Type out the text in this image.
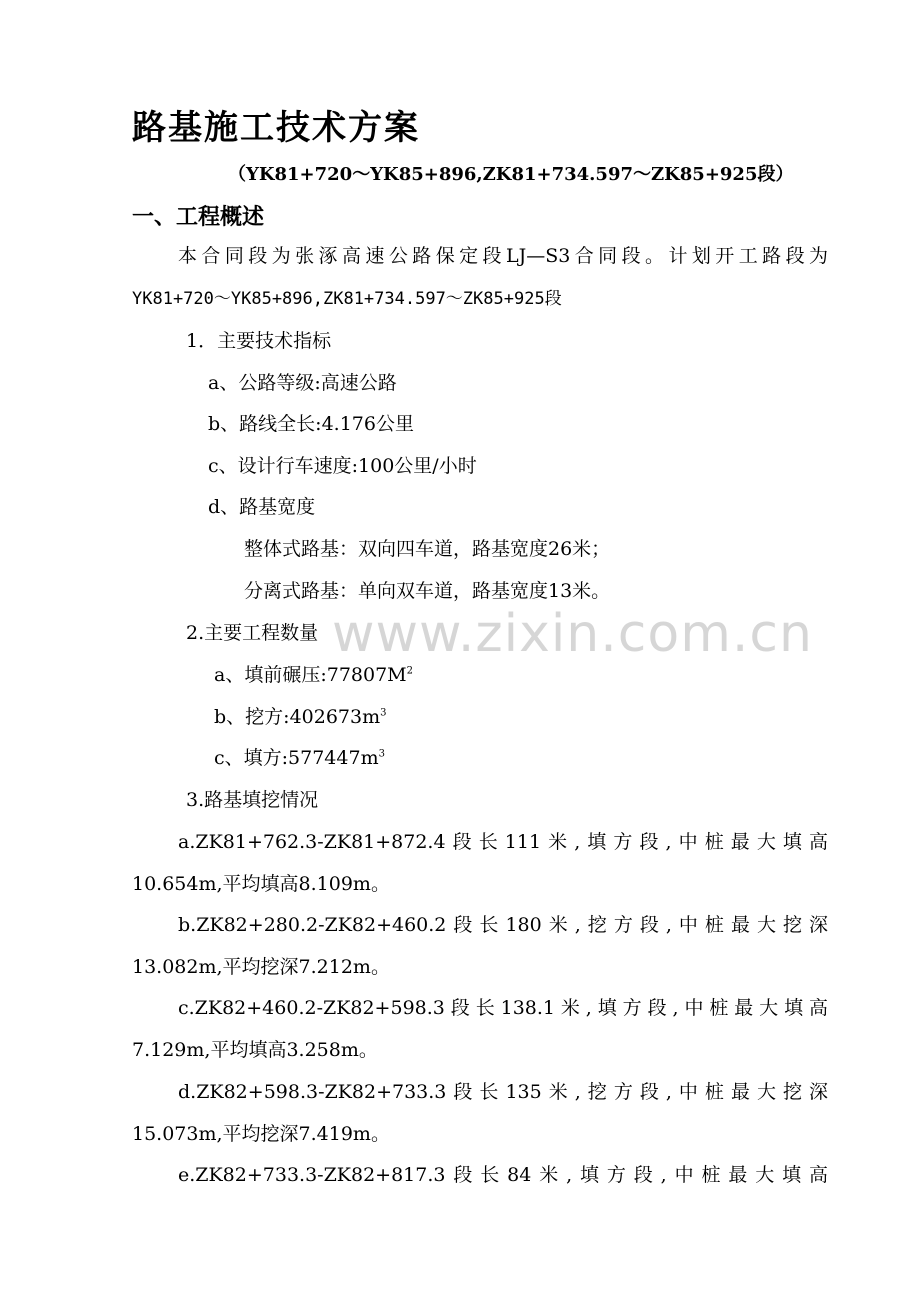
路基施工技术方案
（YK81+720～YK85+896,ZK81+734.597～ZK85+925段）
一、工程概述
本合同段为张涿高速公路保定段LJ—S3合同段。计划开工路段为
YK81+720～YK85+896,ZK81+734.597～ZK85+925段
1．主要技术指标
a、公路等级:高速公路
b、路线全长:4.176公里
c、设计行车速度:100公里/小时
d、路基宽度
整体式路基：双向四车道，路基宽度26米；
分离式路基：单向双车道，路基宽度13米。
www.zixin.com.cn
2.主要工程数量
a、填前碾压$:77807M^2$
b、挖方$:402673m^3$
c、填方$:577447m^3$
3.路基填挖情况
a.ZK81+762.3-ZK81+872.4段长111米,填方段,中桩最大填高
10.654m,平均填高8.109m。
b.ZK82+280.2-ZK82+460.2段长180米,挖方段,中桩最大挖深
13.082m,平均挖深7.212m。
c.ZK82+460.2-ZK82+598.3段长138.1米,填方段,中桩最大填高
7.129m,平均填高3.258m。
d.ZK82+598.3-ZK82+733.3段长135米,挖方段,中桩最大挖深
15.073m,平均挖深7.419m。
e.ZK82+733.3-ZK82+817.3段长84米,填方段,中桩最大填高
